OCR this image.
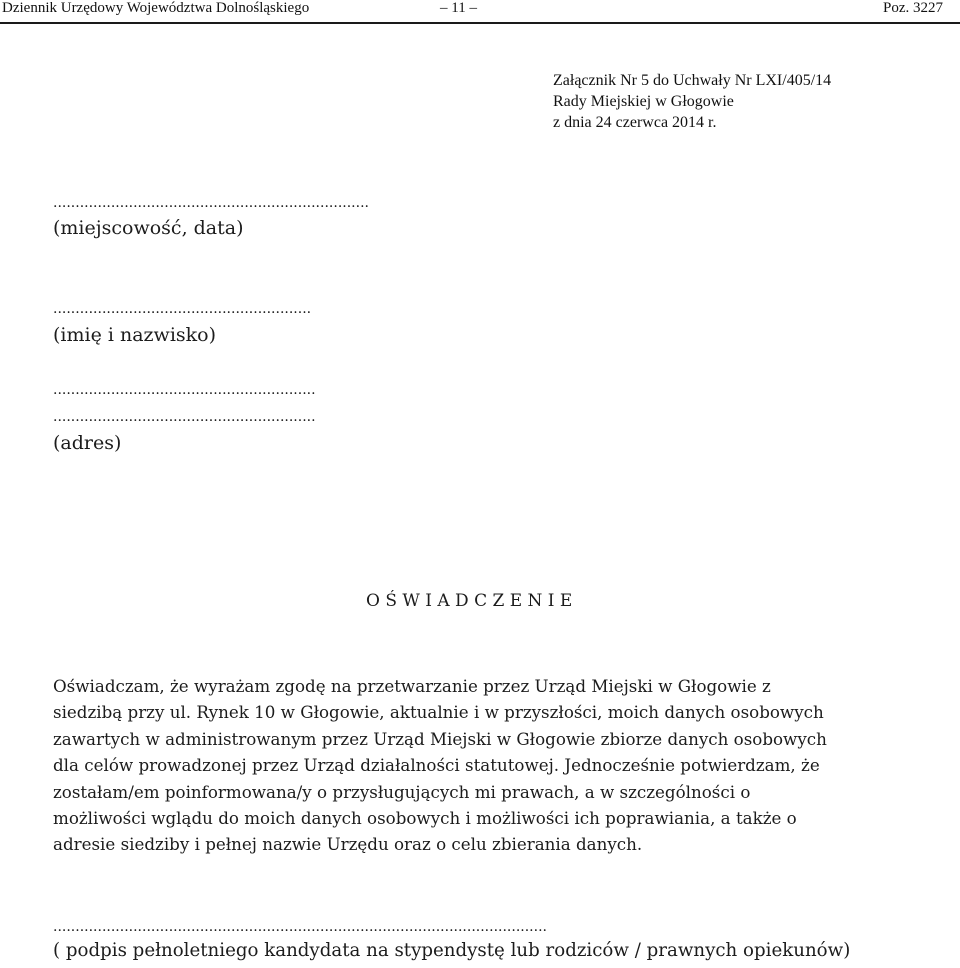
Dziennik Urzędowy Województwa Dolnośląskiego	– 11 –	Poz. 3227
Załącznik Nr 5 do Uchwały Nr LXI/405/14
Rady Miejskiej w Głogowie
z dnia 24 czerwca 2014 r.
.......................................................................
(miejscowość, data)
..........................................................
(imię i nazwisko)
...........................................................
...........................................................
(adres)
OŚWIADCZENIE
Oświadczam, że wyrażam zgodę na przetwarzanie przez Urząd Miejski w Głogowie z
siedzibą przy ul. Rynek 10 w Głogowie, aktualnie i w przyszłości, moich danych osobowych
zawartych w administrowanym przez Urząd Miejski w Głogowie zbiorze danych osobowych
dla celów prowadzonej przez Urząd działalności statutowej. Jednocześnie potwierdzam, że
zostałam/em poinformowana/y o przysługujących mi prawach, a w szczególności o
możliwości wglądu do moich danych osobowych i możliwości ich poprawiania, a także o
adresie siedziby i pełnej nazwie Urzędu oraz o celu zbierania danych.
...............................................................................................................
( podpis pełnoletniego kandydata na stypendystę lub rodziców / prawnych opiekunów)
